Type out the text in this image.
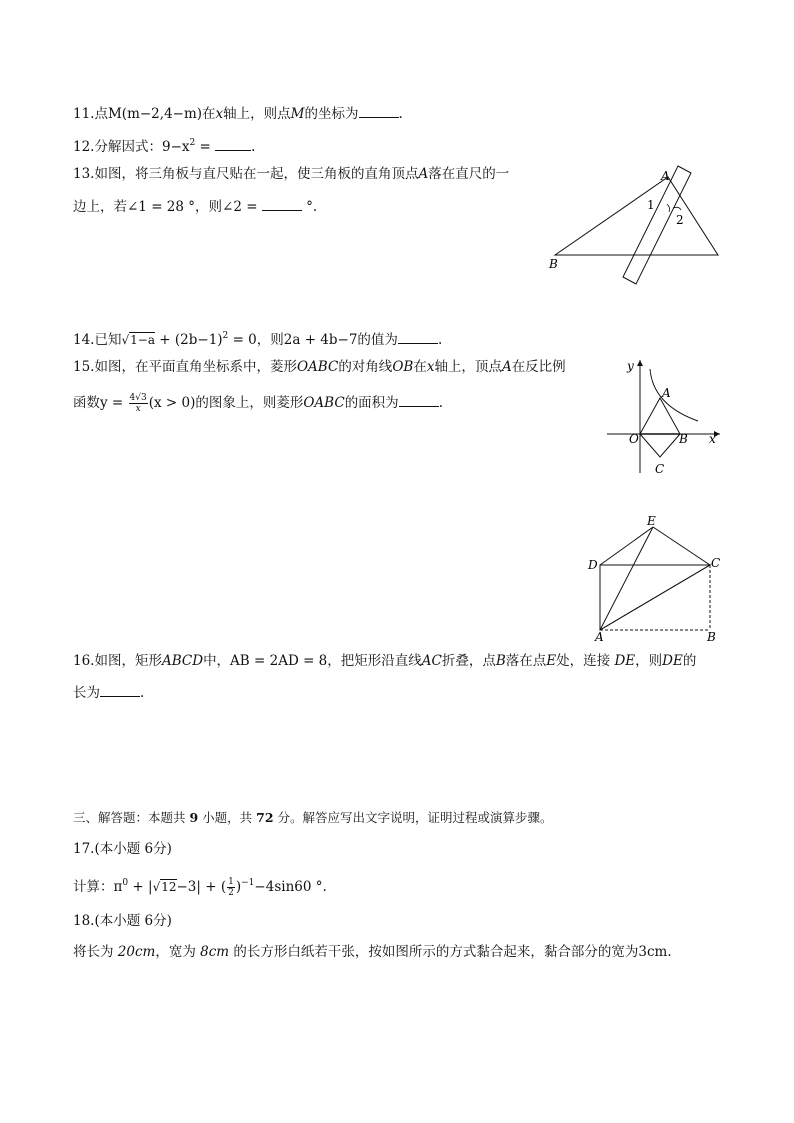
11.点M(m−2,4−m)在x轴上，则点M的坐标为	.
12.分解因式：$9-x^2$ =	.
13.如图，将三角板与直尺贴在一起，使三角板的直角顶点A落在直尺的一
边上，若∠1 = 28 °，则∠2 =	°.
A
B
1
2
14.已知$√1-a + (2b-1)^2 = 0$，则2a + 4b−7的值为	.
15.如图，在平面直角坐标系中，菱形OABC的对角线OB在x轴上，顶点A在反比例
函数$y = \frac{4√3}{x} (x > 0)$的图象上，则菱形OABC的面积为	.
y
x
A
O	B
C
E
D	C
A	B
16.如图，矩形ABCD中，AB = 2AD = 8，把矩形沿直线AC折叠，点B落在点E处，连接 DE，则DE的
长为	.
三、解答题：本题共 9 小题，共 72 分。解答应写出文字说明，证明过程或演算步骤。
17.(本小题 6分)
计算：$\pi^0 + |√12-3|$ + ( $\frac{1}{2} )^{-1}-4\sin 60$ °.
18.(本小题 6分)
将长为 20cm，宽为 8cm 的长方形白纸若干张，按如图所示的方式黏合起来，黏合部分的宽为3cm.
